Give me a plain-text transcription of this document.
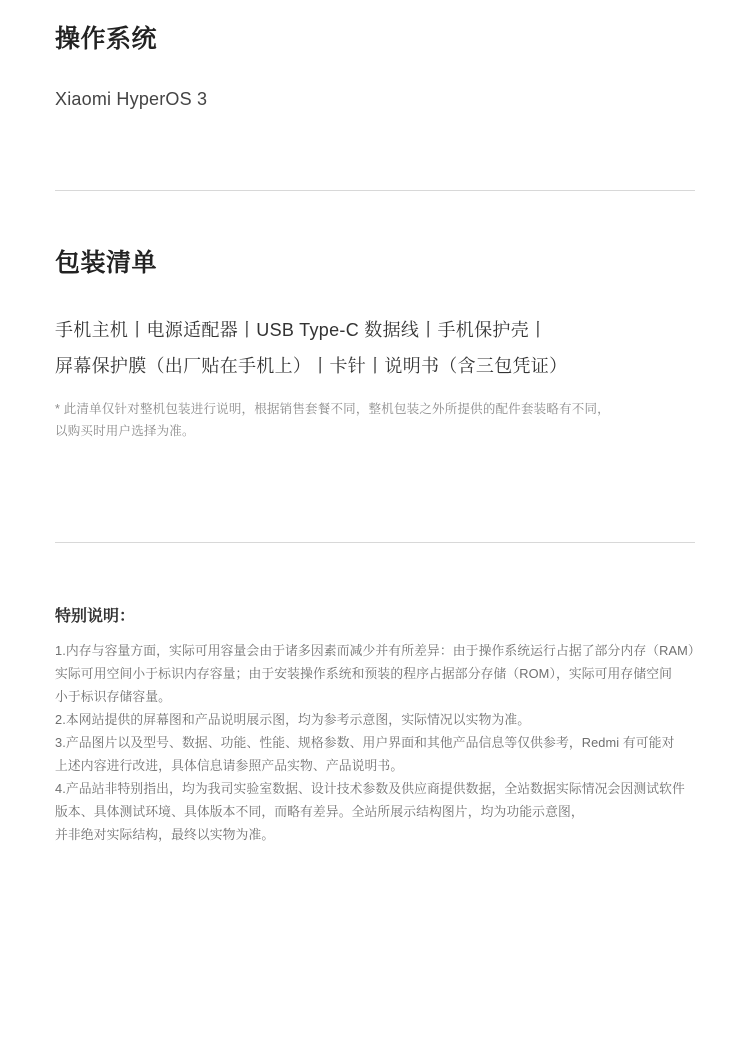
操作系统
Xiaomi HyperOS 3
包装清单
手机主机丨电源适配器丨USB Type-C 数据线丨手机保护壳丨
屏幕保护膜（出厂贴在手机上）丨卡针丨说明书（含三包凭证）
* 此清单仅针对整机包装进行说明，根据销售套餐不同，整机包装之外所提供的配件套装略有不同，
以购买时用户选择为准。
特别说明：

1.内存与容量方面，实际可用容量会由于诸多因素而减少并有所差异：由于操作系统运行占据了部分内存（RAM）

实际可用空间小于标识内存容量；由于安装操作系统和预装的程序占据部分存储（ROM），实际可用存储空间

小于标识存储容量。

2.本网站提供的屏幕图和产品说明展示图，均为参考示意图，实际情况以实物为准。

3.产品图片以及型号、数据、功能、性能、规格参数、用户界面和其他产品信息等仅供参考，Redmi 有可能对

上述内容进行改进，具体信息请参照产品实物、产品说明书。

4.产品站非特别指出，均为我司实验室数据、设计技术参数及供应商提供数据，全站数据实际情况会因测试软件

版本、具体测试环境、具体版本不同，而略有差异。全站所展示结构图片，均为功能示意图，

并非绝对实际结构，最终以实物为准。
